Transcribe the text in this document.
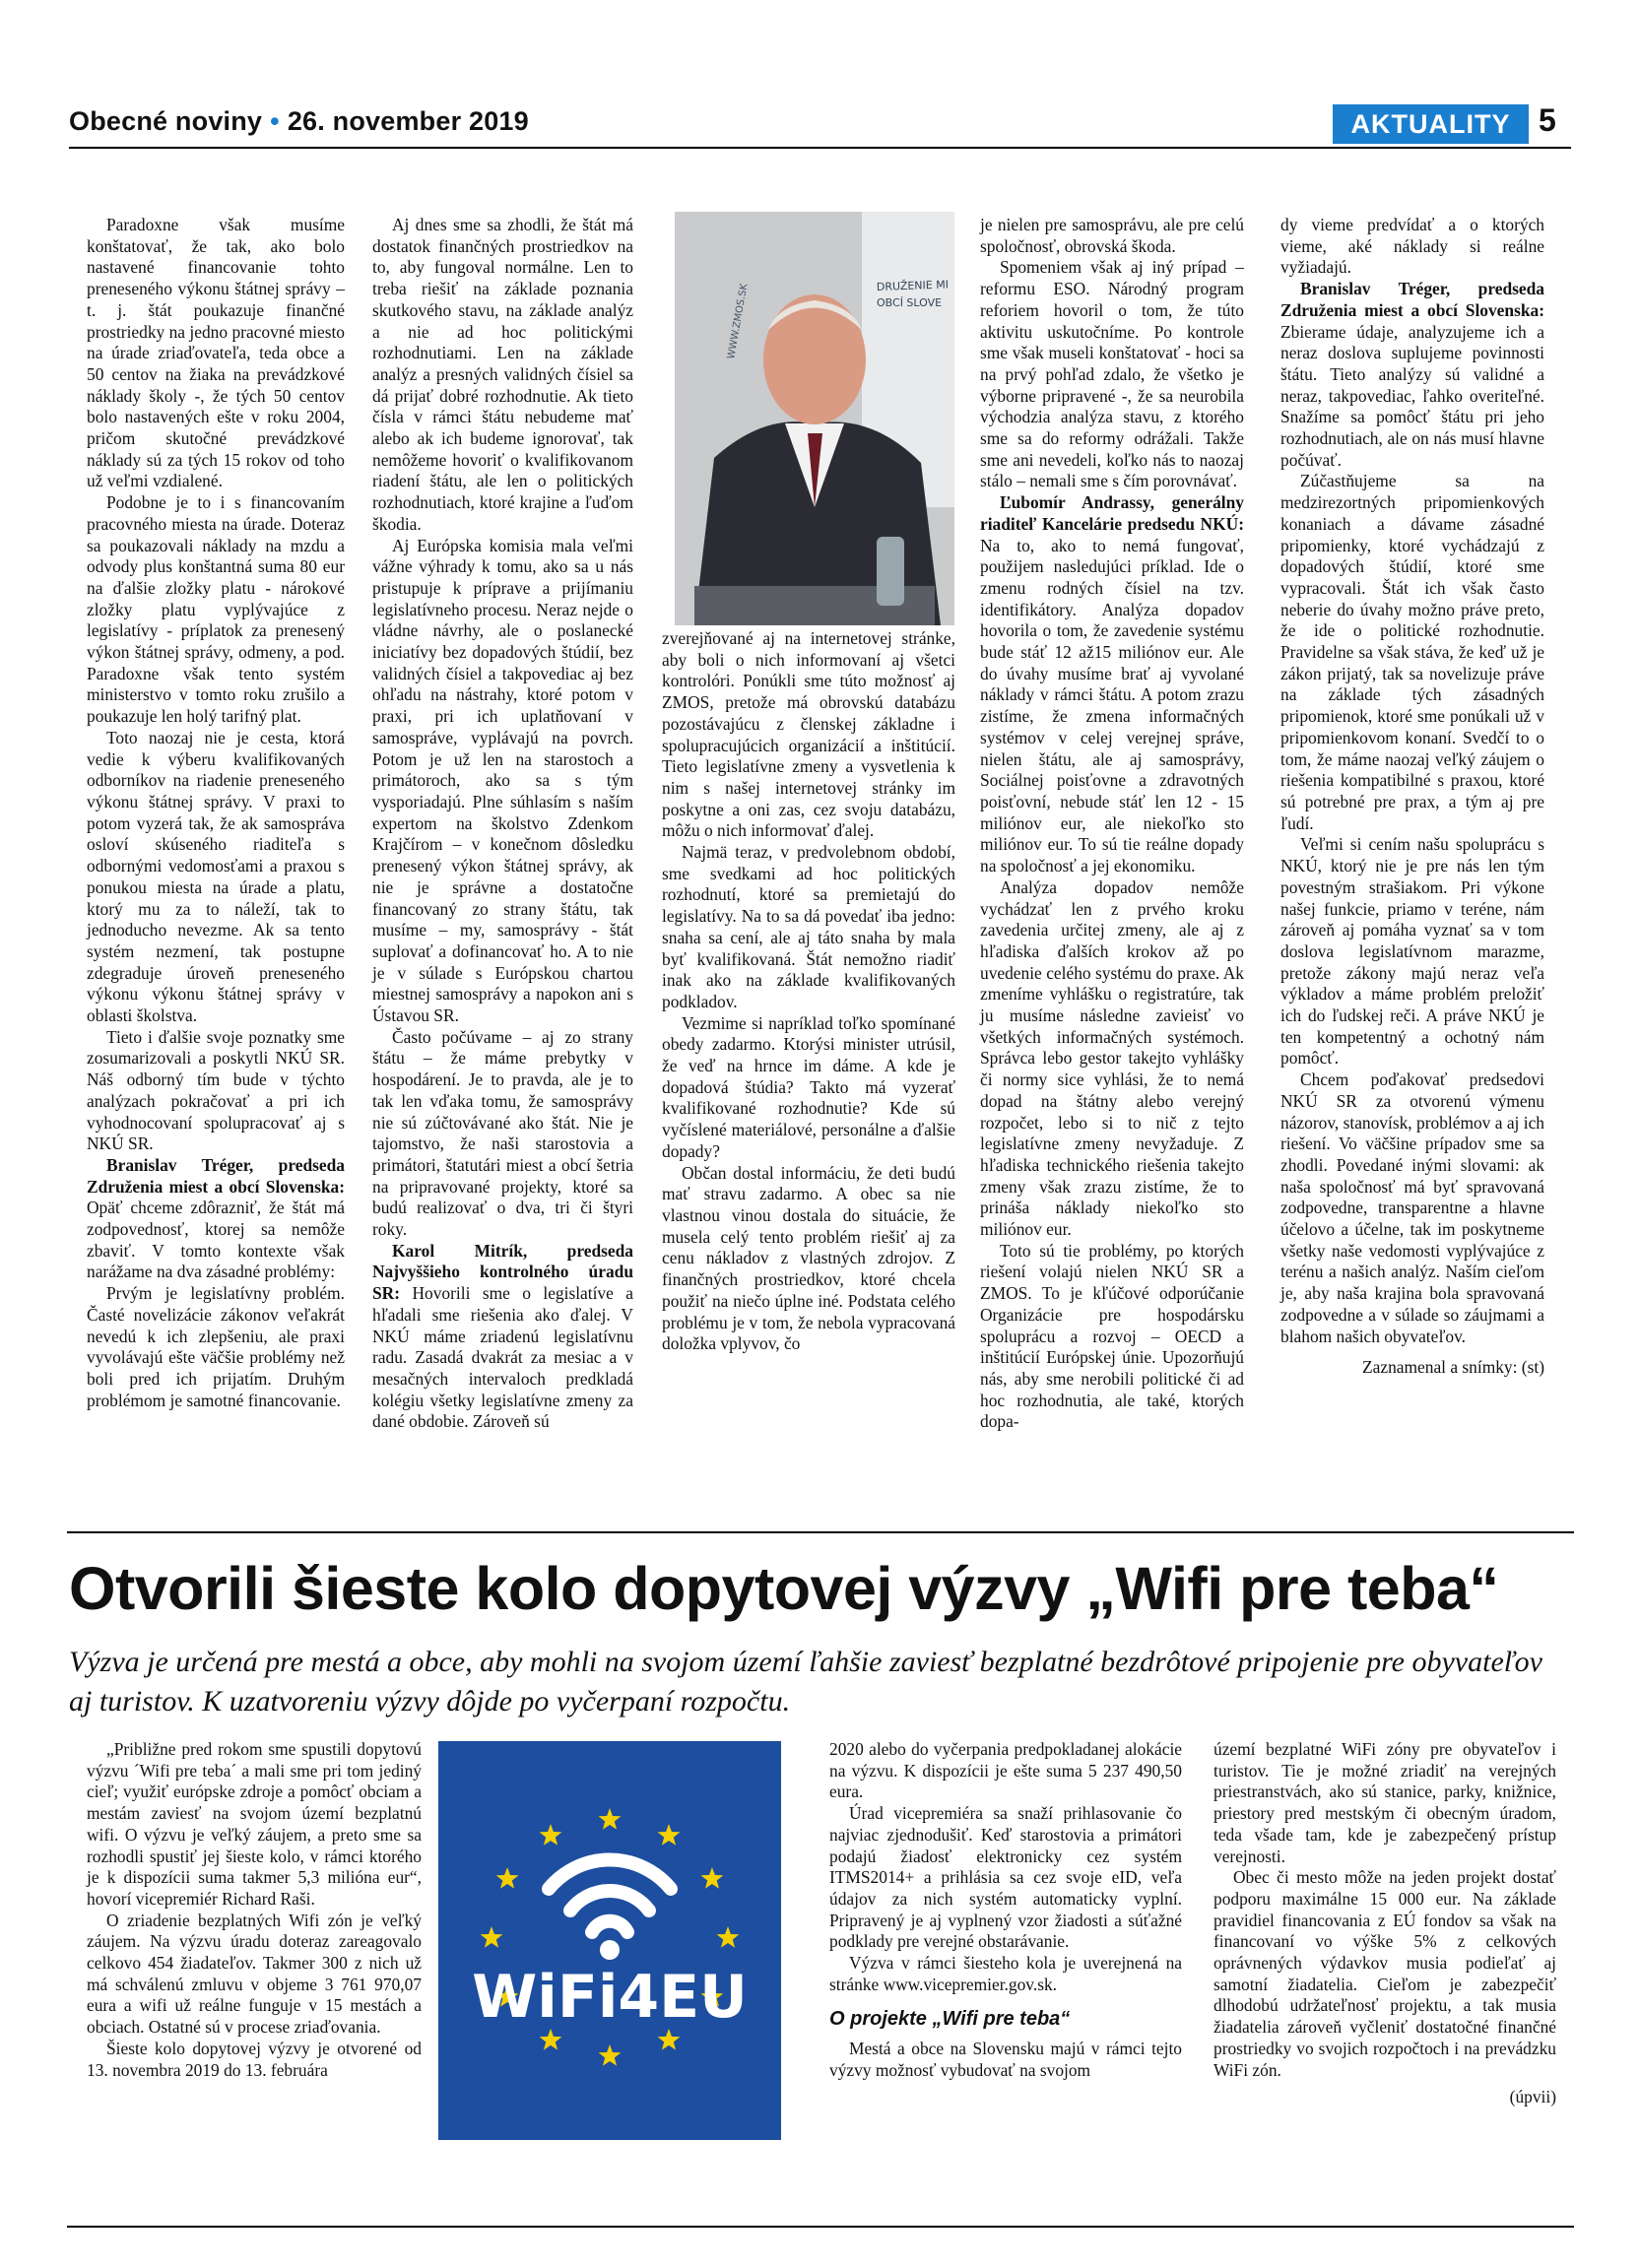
Obecné noviny • 26. november 2019	AKTUALITY 5

Paradoxne však musíme konštatovať, že tak, ako bolo nastavené financovanie tohto preneseného výkonu štátnej správy – t. j. štát poukazuje finančné prostriedky na jedno pracovné miesto na úrade zriaďovateľa, teda obce a 50 centov na žiaka na prevádzkové náklady školy -, že tých 50 centov bolo nastavených ešte v roku 2004, pričom skutočné prevádzkové náklady sú za tých 15 rokov od toho už veľmi vzdialené.

Podobne je to i s financovaním pracovného miesta na úrade. Doteraz sa poukazovali náklady na mzdu a odvody plus konštantná suma 80 eur na ďalšie zložky platu - nárokové zložky platu vyplývajúce z legislatívy - príplatok za prenesený výkon štátnej správy, odmeny, a pod. Paradoxne však tento systém ministerstvo v tomto roku zrušilo a poukazuje len holý tarifný plat.

Toto naozaj nie je cesta, ktorá vedie k výberu kvalifikovaných odborníkov na riadenie preneseného výkonu štátnej správy. V praxi to potom vyzerá tak, že ak samospráva osloví skúseného riaditeľa s odbornými vedomosťami a praxou s ponukou miesta na úrade a platu, ktorý mu za to náleží, tak to jednoducho nevezme. Ak sa tento systém nezmení, tak postupne zdegraduje úroveň preneseného výkonu výkonu štátnej správy v oblasti školstva.

Tieto i ďalšie svoje poznatky sme zosumarizovali a poskytli NKÚ SR. Náš odborný tím bude v týchto analýzach pokračovať a pri ich vyhodnocovaní spolupracovať aj s NKÚ SR.

Branislav Tréger, predseda Združenia miest a obcí Slovenska: Opäť chceme zdôrazniť, že štát má zodpovednosť, ktorej sa nemôže zbaviť. V tomto kontexte však narážame na dva zásadné problémy:

Prvým je legislatívny problém. Časté novelizácie zákonov veľakrát nevedú k ich zlepšeniu, ale praxi vyvolávajú ešte väčšie problémy než boli pred ich prijatím. Druhým problémom je samotné financovanie.

Aj dnes sme sa zhodli, že štát má dostatok finančných prostriedkov na to, aby fungoval normálne. Len to treba riešiť na základe poznania skutkového stavu, na základe analýz a nie ad hoc politickými rozhodnutiami. Len na základe analýz a presných validných čísiel sa dá prijať dobré rozhodnutie. Ak tieto čísla v rámci štátu nebudeme mať alebo ak ich budeme ignorovať, tak nemôžeme hovoriť o kvalifikovanom riadení štátu, ale len o politických rozhodnutiach, ktoré krajine a ľuďom škodia.

Aj Európska komisia mala veľmi vážne výhrady k tomu, ako sa u nás pristupuje k príprave a prijímaniu legislatívneho procesu. Neraz nejde o vládne návrhy, ale o poslanecké iniciatívy bez dopadových štúdií, bez validných čísiel a takpovediac aj bez ohľadu na nástrahy, ktoré potom v praxi, pri ich uplatňovaní v samospráve, vyplávajú na povrch. Potom je už len na starostoch a primátoroch, ako sa s tým vysporiadajú. Plne súhlasím s naším expertom na školstvo Zdenkom Krajčírom – v konečnom dôsledku prenesený výkon štátnej správy, ak nie je správne a dostatočne financovaný zo strany štátu, tak musíme – my, samosprávy - štát suplovať a dofinancovať ho. A to nie je v súlade s Európskou chartou miestnej samosprávy a napokon ani s Ústavou SR.

Často počúvame – aj zo strany štátu – že máme prebytky v hospodárení. Je to pravda, ale je to tak len vďaka tomu, že samosprávy nie sú zúčtovávané ako štát. Nie je tajomstvo, že naši starostovia a primátori, štatutári miest a obcí šetria na pripravované projekty, ktoré sa budú realizovať o dva, tri či štyri roky.

Karol Mitrík, predseda Najvyššieho kontrolného úradu SR: Hovorili sme o legislatíve a hľadali sme riešenia ako ďalej. V NKÚ máme zriadenú legislatívnu radu. Zasadá dvakrát za mesiac a v mesačných intervaloch predkladá kolégiu všetky legislatívne zmeny za dané obdobie. Zároveň sú

DRUŽENIE MI
OBCÍ SLOVE
WWW.ZMOS.SK

zverejňované aj na internetovej stránke, aby boli o nich informovaní aj všetci kontrolóri. Ponúkli sme túto možnosť aj ZMOS, pretože má obrovskú databázu pozostávajúcu z členskej základne i spolupracujúcich organizácií a inštitúcií. Tieto legislatívne zmeny a vysvetlenia k nim s našej internetovej stránky im poskytne a oni zas, cez svoju databázu, môžu o nich informovať ďalej.

Najmä teraz, v predvolebnom období, sme svedkami ad hoc politických rozhodnutí, ktoré sa premietajú do legislatívy. Na to sa dá povedať iba jedno: snaha sa cení, ale aj táto snaha by mala byť kvalifikovaná. Štát nemožno riadiť inak ako na základe kvalifikovaných podkladov.

Vezmime si napríklad toľko spomínané obedy zadarmo. Ktorýsi minister utrúsil, že veď na hrnce im dáme. A kde je dopadová štúdia? Takto má vyzerať kvalifikované rozhodnutie? Kde sú vyčíslené materiálové, personálne a ďalšie dopady?

Občan dostal informáciu, že deti budú mať stravu zadarmo. A obec sa nie vlastnou vinou dostala do situácie, že musela celý tento problém riešiť aj za cenu nákladov z vlastných zdrojov. Z finančných prostriedkov, ktoré chcela použiť na niečo úplne iné. Podstata celého problému je v tom, že nebola vypracovaná doložka vplyvov, čo

je nielen pre samosprávu, ale pre celú spoločnosť, obrovská škoda.

Spomeniem však aj iný prípad – reformu ESO. Národný program reforiem hovoril o tom, že túto aktivitu uskutočníme. Po kontrole sme však museli konštatovať - hoci sa na prvý pohľad zdalo, že všetko je výborne pripravené -, že sa neurobila východzia analýza stavu, z ktorého sme sa do reformy odrážali. Takže sme ani nevedeli, koľko nás to naozaj stálo – nemali sme s čím porovnávať.

Ľubomír Andrassy, generálny riaditeľ Kancelárie predsedu NKÚ: Na to, ako to nemá fungovať, použijem nasledujúci príklad. Ide o zmenu rodných čísiel na tzv. identifikátory. Analýza dopadov hovorila o tom, že zavedenie systému bude stáť 12 až15 miliónov eur. Ale do úvahy musíme brať aj vyvolané náklady v rámci štátu. A potom zrazu zistíme, že zmena informačných systémov v celej verejnej správe, nielen štátu, ale aj samosprávy, Sociálnej poisťovne a zdravotných poisťovní, nebude stáť len 12 - 15 miliónov eur, ale niekoľko sto miliónov eur. To sú tie reálne dopady na spoločnosť a jej ekonomiku.

Analýza dopadov nemôže vychádzať len z prvého kroku zavedenia určitej zmeny, ale aj z hľadiska ďalších krokov až po uvedenie celého systému do praxe. Ak zmeníme vyhlášku o registratúre, tak ju musíme následne zavieisť vo všetkých informačných systémoch. Správca lebo gestor takejto vyhlášky či normy sice vyhlási, že to nemá dopad na štátny alebo verejný rozpočet, lebo si to nič z tejto legislatívne zmeny nevyžaduje. Z hľadiska technického riešenia takejto zmeny však zrazu zistíme, že to prináša náklady niekoľko sto miliónov eur.

Toto sú tie problémy, po ktorých riešení volajú nielen NKÚ SR a ZMOS. To je kľúčové odporúčanie Organizácie pre hospodársku spoluprácu a rozvoj – OECD a inštitúcií Európskej únie. Upozorňujú nás, aby sme nerobili politické či ad hoc rozhodnutia, ale také, ktorých dopa-

dy vieme predvídať a o ktorých vieme, aké náklady si reálne vyžiadajú.

Branislav Tréger, predseda Združenia miest a obcí Slovenska: Zbierame údaje, analyzujeme ich a neraz doslova suplujeme povinnosti štátu. Tieto analýzy sú validné a neraz, takpovediac, ľahko overiteľné. Snažíme sa pomôcť štátu pri jeho rozhodnutiach, ale on nás musí hlavne počúvať.

Zúčastňujeme sa na medzirezortných pripomienkových konaniach a dávame zásadné pripomienky, ktoré vychádzajú z dopadových štúdií, ktoré sme vypracovali. Štát ich však často neberie do úvahy možno práve preto, že ide o politické rozhodnutie. Pravidelne sa však stáva, že keď už je zákon prijatý, tak sa novelizuje práve na základe tých zásadných pripomienok, ktoré sme ponúkali už v pripomienkovom konaní. Svedčí to o tom, že máme naozaj veľký záujem o riešenia kompatibilné s praxou, ktoré sú potrebné pre prax, a tým aj pre ľudí.

Veľmi si cením našu spoluprácu s NKÚ, ktorý nie je pre nás len tým povestným strašiakom. Pri výkone našej funkcie, priamo v teréne, nám zároveň aj pomáha vyznať sa v tom doslova legislatívnom marazme, pretože zákony majú neraz veľa výkladov a máme problém preložiť ich do ľudskej reči. A práve NKÚ je ten kompetentný a ochotný nám pomôcť.

Chcem poďakovať predsedovi NKÚ SR za otvorenú výmenu názorov, stanovísk, problémov a aj ich riešení. Vo väčšine prípadov sme sa zhodli. Povedané inými slovami: ak naša spoločnosť má byť spravovaná zodpovedne, transparentne a hlavne účelovo a účelne, tak im poskytneme všetky naše vedomosti vyplývajúce z terénu a našich analýz. Naším cieľom je, aby naša krajina bola spravovaná zodpovedne a v súlade so záujmami a blahom našich obyvateľov.

Zaznamenal a snímky: (st)

Otvorili šieste kolo dopytovej výzvy „Wifi pre teba“
Výzva je určená pre mestá a obce, aby mohli na svojom území ľahšie zaviesť bezplatné bezdrôtové pripojenie pre obyvateľov aj turistov. K uzatvoreniu výzvy dôjde po vyčerpaní rozpočtu.

„Približne pred rokom sme spustili dopytovú výzvu ´Wifi pre teba´ a mali sme pri tom jediný cieľ; využiť európske zdroje a pomôcť obciam a mestám zaviesť na svojom území bezplatnú wifi. O výzvu je veľký záujem, a preto sme sa rozhodli spustiť jej šieste kolo, v rámci ktorého je k dispozícii suma takmer 5,3 milióna eur“, hovorí vicepremiér Richard Raši.

O zriadenie bezplatných Wifi zón je veľký záujem. Na výzvu úradu doteraz zareagovalo celkovo 454 žiadateľov. Takmer 300 z nich už má schválenú zmluvu v objeme 3 761 970,07 eura a wifi už reálne funguje v 15 mestách a obciach. Ostatné sú v procese zriaďovania.

Šieste kolo dopytovej výzvy je otvorené od 13. novembra 2019 do 13. februára

WiFi4EU

2020 alebo do vyčerpania predpokladanej alokácie na výzvu. K dispozícii je ešte suma 5 237 490,50 eura.

Úrad vicepremiéra sa snaží prihlasovanie čo najviac zjednodušiť. Keď starostovia a primátori podajú žiadosť elektronicky cez systém ITMS2014+ a prihlásia sa cez svoje eID, veľa údajov za nich systém automaticky vyplní. Pripravený je aj vyplnený vzor žiadosti a súťažné podklady pre verejné obstarávanie.

Výzva v rámci šiesteho kola je uverejnená na stránke www.vicepremier.gov.sk.

O projekte „Wifi pre teba“

Mestá a obce na Slovensku majú v rámci tejto výzvy možnosť vybudovať na svojom

území bezplatné WiFi zóny pre obyvateľov i turistov. Tie je možné zriadiť na verejných priestranstvách, ako sú stanice, parky, knižnice, priestory pred mestským či obecným úradom, teda všade tam, kde je zabezpečený prístup verejnosti.

Obec či mesto môže na jeden projekt dostať podporu maximálne 15 000 eur. Na základe pravidiel financovania z EÚ fondov sa však na financovaní vo výške 5% z celkových oprávnených výdavkov musia podieľať aj samotní žiadatelia. Cieľom je zabezpečiť dlhodobú udržateľnosť projektu, a tak musia žiadatelia zároveň vyčleniť dostatočné finančné prostriedky vo svojich rozpočtoch i na prevádzku WiFi zón.

(úpvii)
